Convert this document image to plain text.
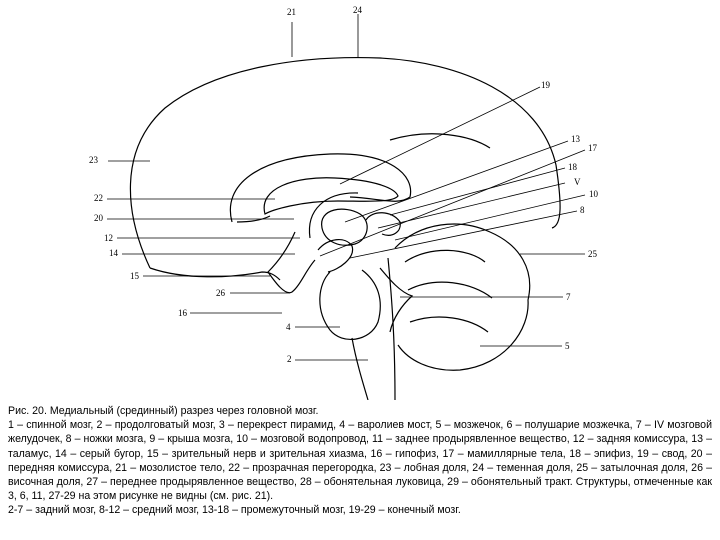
21	24
19
13
17
18
V
10
8
23
22
20
12
14
15
26
16
4
2
25
7
5

Рис. 20. Медиальный (срединный) разрез через головной мозг.

1 – спинной мозг, 2 – продолговатый мозг, 3 – перекрест пирамид, 4 – варолиев мост, 5 – мозжечок, 6 – полушарие мозжечка, 7 – IV мозговой желудочек, 8 – ножки мозга, 9 – крыша мозга, 10 – мозговой водопровод, 11 – заднее продырявленное вещество, 12 – задняя комиссура, 13 – таламус, 14 – серый бугор, 15 – зрительный нерв и зрительная хиазма, 16 – гипофиз, 17 – мамиллярные тела, 18 – эпифиз, 19 – свод, 20 – передняя комиссура, 21 – мозолистое тело, 22 – прозрачная перегородка, 23 – лобная доля, 24 – теменная доля, 25 – затылочная доля, 26 – височная доля, 27 – переднее продырявленное вещество, 28 – обонятельная луковица, 29 – обонятельный тракт. Структуры, отмеченные как 3, 6, 11, 27-29 на этом рисунке не видны (см. рис. 21).

2-7 – задний мозг, 8-12 – средний мозг, 13-18 – промежуточный мозг, 19-29 – конечный мозг.
